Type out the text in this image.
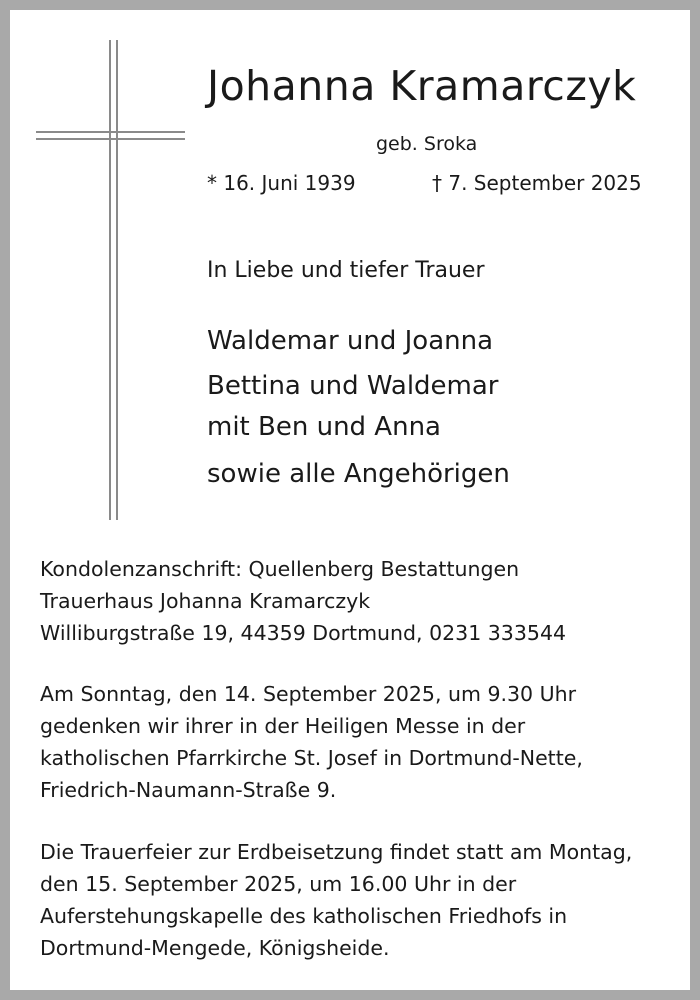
Johanna Kramarczyk
geb. Sroka
* 16. Juni 1939	† 7. September 2025
In Liebe und tiefer Trauer
Waldemar und Joanna
Bettina und Waldemar
mit Ben und Anna
sowie alle Angehörigen
Kondolenzanschrift: Quellenberg Bestattungen
Trauerhaus Johanna Kramarczyk
Williburgstraße 19, 44359 Dortmund, 0231 333544
Am Sonntag, den 14. September 2025, um 9.30 Uhr
gedenken wir ihrer in der Heiligen Messe in der
katholischen Pfarrkirche St. Josef in Dortmund-Nette,
Friedrich-Naumann-Straße 9.
Die Trauerfeier zur Erdbeisetzung findet statt am Montag,
den 15. September 2025, um 16.00 Uhr in der
Auferstehungskapelle des katholischen Friedhofs in
Dortmund-Mengede, Königsheide.
